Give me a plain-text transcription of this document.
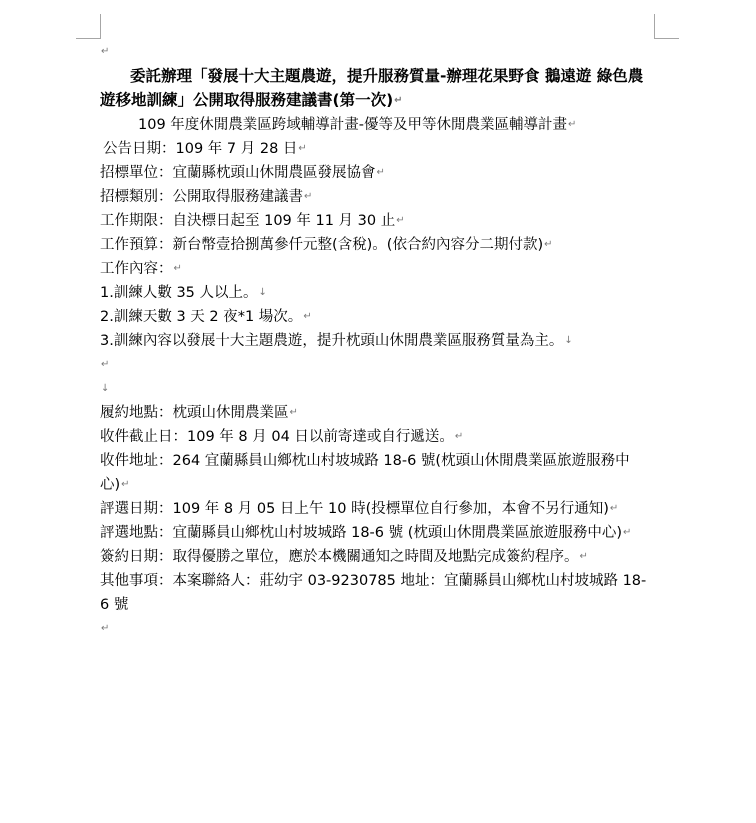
↵
委託辦理「發展十大主題農遊，提升服務質量-辦理花果野食 鵝遠遊 綠色農遊移地訓練」公開取得服務建議書(第一次)↵
109 年度休閒農業區跨域輔導計畫-優等及甲等休閒農業區輔導計畫↵
公告日期：109 年 7 月 28 日↵
招標單位：宜蘭縣枕頭山休閒農區發展協會↵
招標類別：公開取得服務建議書↵
工作期限：自決標日起至 109 年 11 月 30 止↵
工作預算：新台幣壹拾捌萬參仟元整(含稅)。(依合約內容分二期付款)↵
工作內容：↵
1.訓練人數 35 人以上。↓
2.訓練天數 3 天 2 夜*1 場次。↵
3.訓練內容以發展十大主題農遊，提升枕頭山休閒農業區服務質量為主。↓
↵
↓
履約地點：枕頭山休閒農業區↵
收件截止日：109 年 8 月 04 日以前寄達或自行遞送。↵
收件地址：264 宜蘭縣員山鄉枕山村坡城路 18-6 號(枕頭山休閒農業區旅遊服務中心)↵
評選日期：109 年 8 月 05 日上午 10 時(投標單位自行參加，本會不另行通知)↵
評選地點：宜蘭縣員山鄉枕山村坡城路 18-6 號 (枕頭山休閒農業區旅遊服務中心)↵
簽約日期：取得優勝之單位，應於本機關通知之時間及地點完成簽約程序。↵
其他事項：本案聯絡人：莊幼宇 03-9230785 地址：宜蘭縣員山鄉枕山村坡城路 18-6 號
↵
